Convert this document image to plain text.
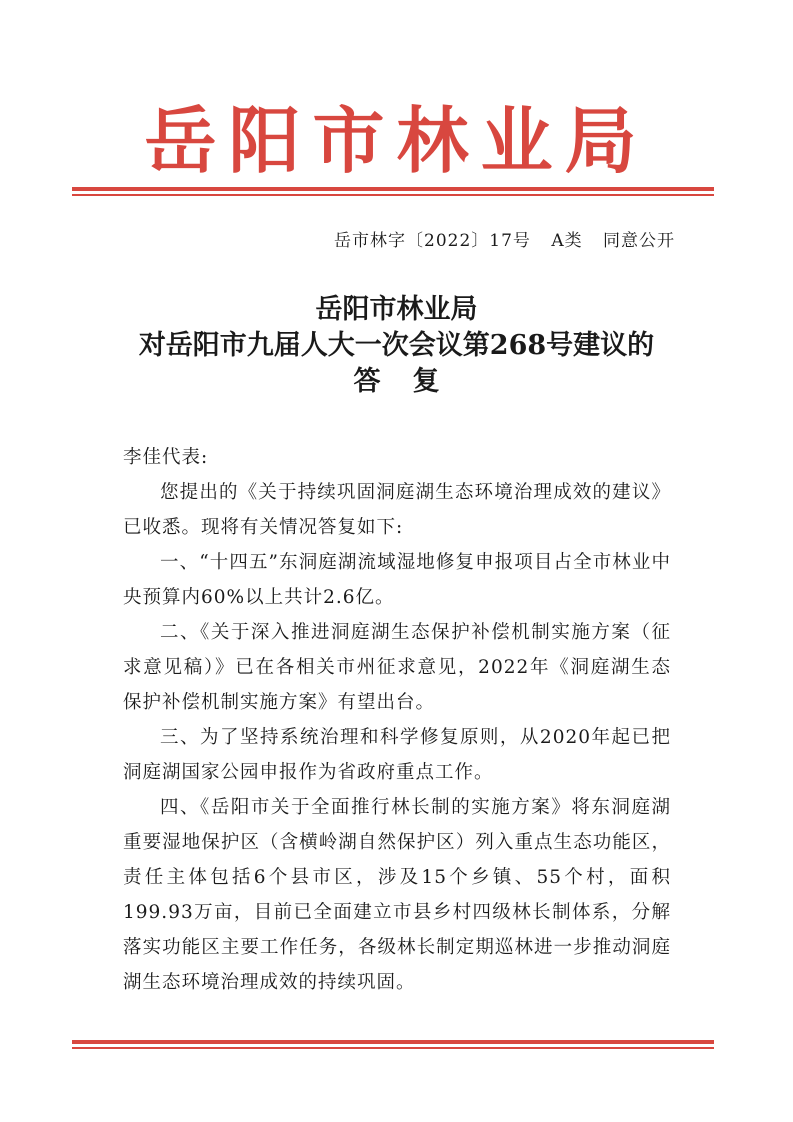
岳阳市林业局
岳市林字〔2022〕17号 A类 同意公开
岳阳市林业局
对岳阳市九届人大一次会议第268号建议的
答复

李佳代表:

您提出的《关于持续巩固洞庭湖生态环境治理成效的建议》已收悉。现将有关情况答复如下:

一、“十四五”东洞庭湖流域湿地修复申报项目占全市林业中央预算内60%以上共计2.6亿。

二、《关于深入推进洞庭湖生态保护补偿机制实施方案（征求意见稿）》已在各相关市州征求意见，2022年《洞庭湖生态保护补偿机制实施方案》有望出台。

三、为了坚持系统治理和科学修复原则，从2020年起已把洞庭湖国家公园申报作为省政府重点工作。

四、《岳阳市关于全面推行林长制的实施方案》将东洞庭湖重要湿地保护区（含横岭湖自然保护区）列入重点生态功能区，责任主体包括6个县市区，涉及15个乡镇、55个村，面积199.93万亩，目前已全面建立市县乡村四级林长制体系，分解落实功能区主要工作任务，各级林长制定期巡林进一步推动洞庭湖生态环境治理成效的持续巩固。
